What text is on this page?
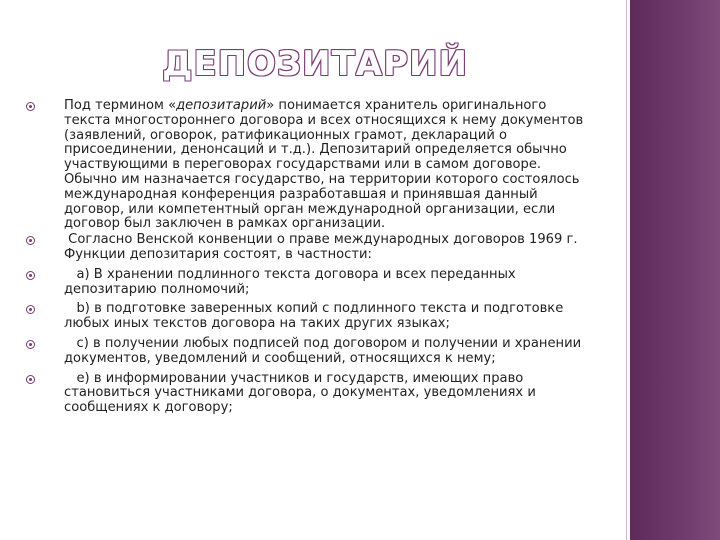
ДЕПОЗИТАРИЙ

Под термином «депозитарий» понимается хранитель оригинального текста многостороннего договора и всех относящихся к нему документов (заявлений, оговорок, ратификационных грамот, деклараций о присоединении, денонсаций и т.д.). Депозитарий определяется обычно участвующими в переговорах государствами или в самом договоре. Обычно им назначается государство, на территории которого состоялось международная конференция разработавшая и принявшая данный договор, или компетентный орган международной организации, если договор был заключен в рамках организации.

Согласно Венской конвенции о праве международных договоров 1969 г.  Функции депозитария состоят, в частности:

а) В хранении подлинного текста договора и всех переданных депозитарию полномочий;

b) в подготовке заверенных копий с подлинного текста и подготовке любых иных текстов договора на таких других языках;

c) в получении любых подписей под договором и получении и хранении документов, уведомлений и сообщений, относящихся к нему;

e) в информировании участников и государств, имеющих право становиться участниками договора, о документах, уведомлениях и сообщениях к договору;
